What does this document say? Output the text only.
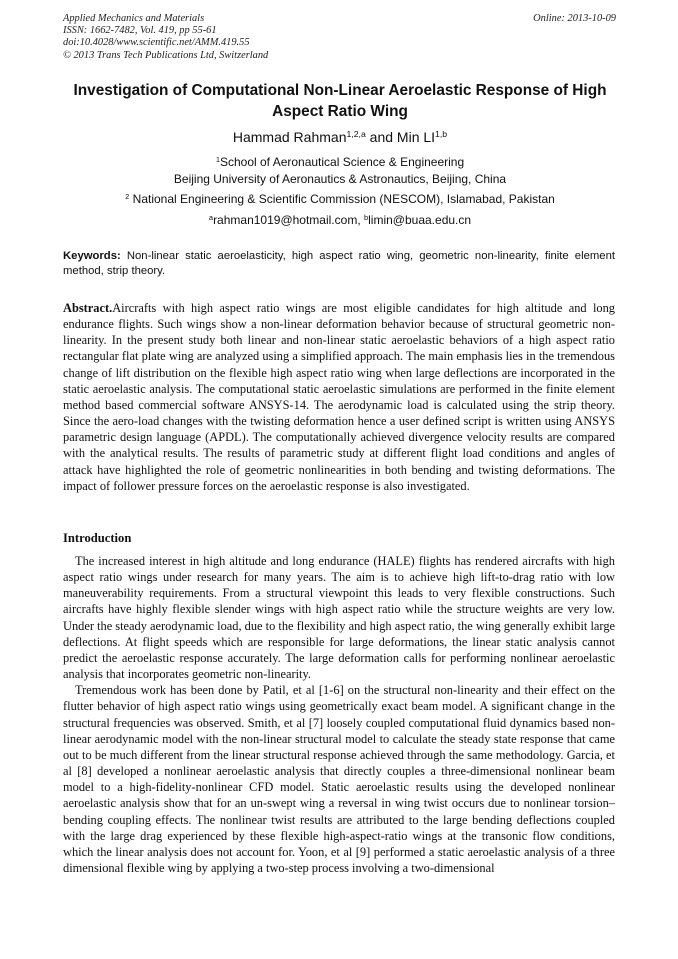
Applied Mechanics and Materials
ISSN: 1662-7482, Vol. 419, pp 55-61
doi:10.4028/www.scientific.net/AMM.419.55
© 2013 Trans Tech Publications Ltd, Switzerland
Online: 2013-10-09
Investigation of Computational Non-Linear Aeroelastic Response of High
Aspect Ratio Wing
Hammad Rahman$^{1,2,a}$ and Min LI$^{1,b}$
$^1$School of Aeronautical Science & Engineering
Beijing University of Aeronautics & Astronautics, Beijing, China
$^2$ National Engineering & Scientific Commission (NESCOM), Islamabad, Pakistan
$^a$rahman1019@hotmail.com, $^b$limin@buaa.edu.cn
Keywords: Non-linear static aeroelasticity, high aspect ratio wing, geometric non-linearity, finite element method, strip theory.
Abstract.Aircrafts with high aspect ratio wings are most eligible candidates for high altitude and long endurance flights. Such wings show a non-linear deformation behavior because of structural geometric non-linearity. In the present study both linear and non-linear static aeroelastic behaviors of a high aspect ratio rectangular flat plate wing are analyzed using a simplified approach. The main emphasis lies in the tremendous change of lift distribution on the flexible high aspect ratio wing when large deflections are incorporated in the static aeroelastic analysis. The computational static aeroelastic simulations are performed in the finite element method based commercial software ANSYS-14. The aerodynamic load is calculated using the strip theory. Since the aero-load changes with the twisting deformation hence a user defined script is written using ANSYS parametric design language (APDL). The computationally achieved divergence velocity results are compared with the analytical results. The results of parametric study at different flight load conditions and angles of attack have highlighted the role of geometric nonlinearities in both bending and twisting deformations. The impact of follower pressure forces on the aeroelastic response is also investigated.
Introduction

The increased interest in high altitude and long endurance (HALE) flights has rendered aircrafts with high aspect ratio wings under research for many years. The aim is to achieve high lift-to-drag ratio with low maneuverability requirements. From a structural viewpoint this leads to very flexible constructions. Such aircrafts have highly flexible slender wings with high aspect ratio while the structure weights are very low. Under the steady aerodynamic load, due to the flexibility and high aspect ratio, the wing generally exhibit large deflections. At flight speeds which are responsible for large deformations, the linear static analysis cannot predict the aeroelastic response accurately. The large deformation calls for performing nonlinear aeroelastic analysis that incorporates geometric non-linearity.

Tremendous work has been done by Patil, et al [1-6] on the structural non-linearity and their effect on the flutter behavior of high aspect ratio wings using geometrically exact beam model. A significant change in the structural frequencies was observed. Smith, et al [7] loosely coupled computational fluid dynamics based non-linear aerodynamic model with the non-linear structural model to calculate the steady state response that came out to be much different from the linear structural response achieved through the same methodology. Garcia, et al [8] developed a nonlinear aeroelastic analysis that directly couples a three-dimensional nonlinear beam model to a high-fidelity-nonlinear CFD model. Static aeroelastic results using the developed nonlinear aeroelastic analysis show that for an un-swept wing a reversal in wing twist occurs due to nonlinear torsion–bending coupling effects. The nonlinear twist results are attributed to the large bending deflections coupled with the large drag experienced by these flexible high-aspect-ratio wings at the transonic flow conditions, which the linear analysis does not account for. Yoon, et al [9] performed a static aeroelastic analysis of a three dimensional flexible wing by applying a two-step process involving a two-dimensional
